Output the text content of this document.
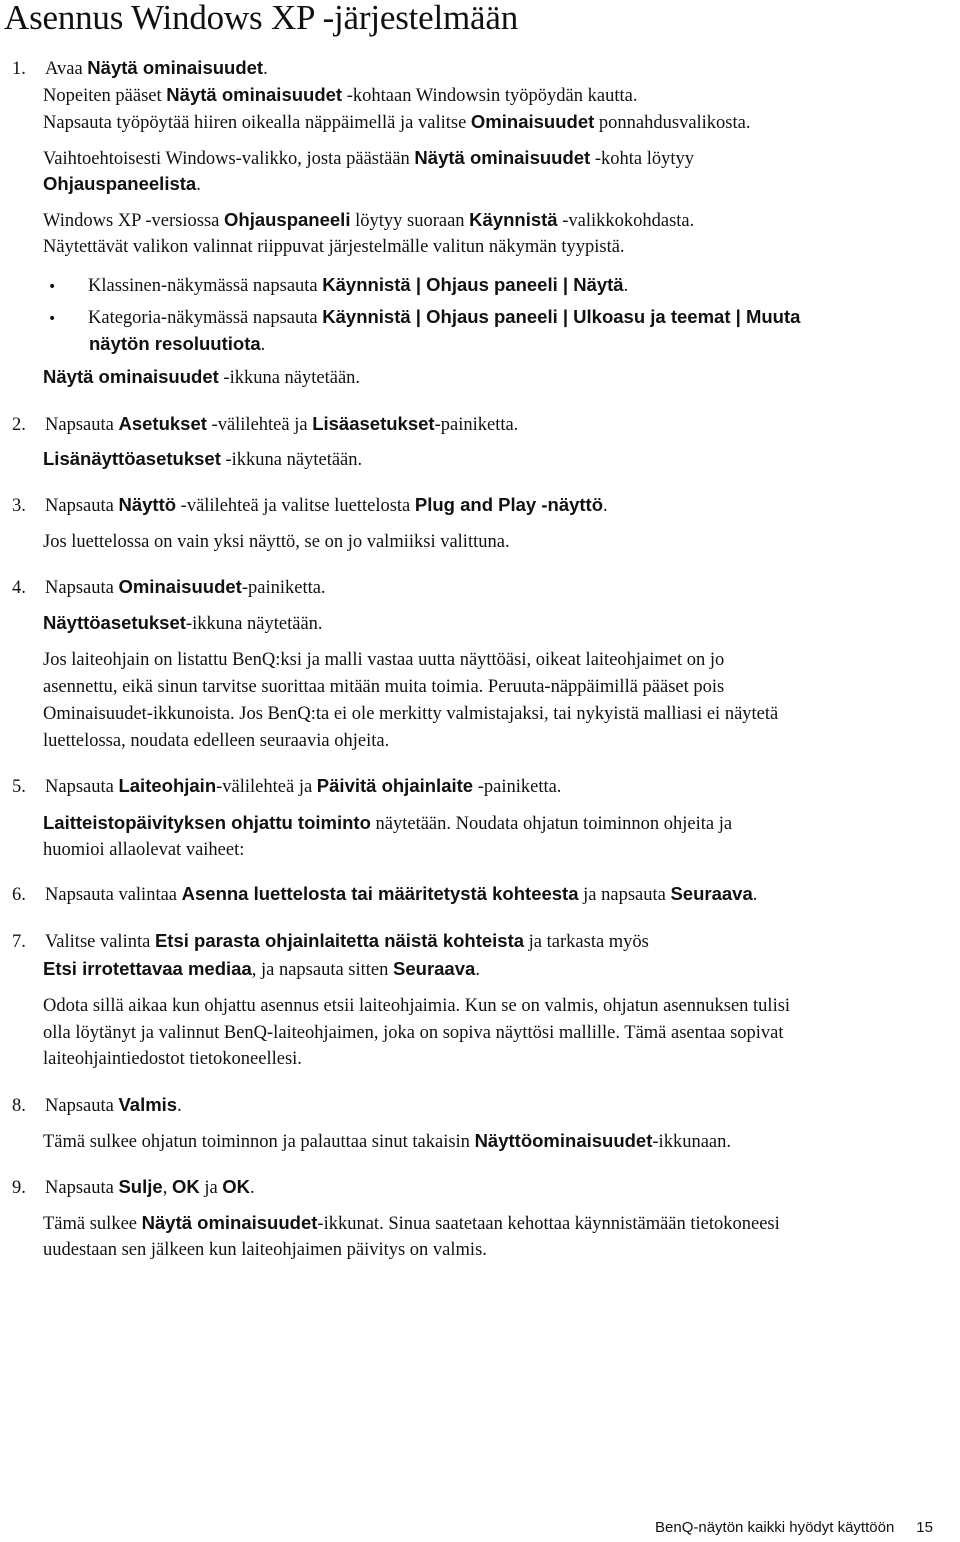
Asennus Windows XP -järjestelmään
1. Avaa Näytä ominaisuudet.
Nopeiten pääset Näytä ominaisuudet -kohtaan Windowsin työpöydän kautta.
Napsauta työpöytää hiiren oikealla näppäimellä ja valitse Ominaisuudet ponnahdusvalikosta.
Vaihtoehtoisesti Windows-valikko, josta päästään Näytä ominaisuudet -kohta löytyy
Ohjauspaneelista.
Windows XP -versiossa Ohjauspaneeli löytyy suoraan Käynnistä -valikkokohdasta.
Näytettävät valikon valinnat riippuvat järjestelmälle valitun näkymän tyypistä.
• Klassinen-näkymässä napsauta Käynnistä | Ohjaus paneeli | Näytä.
• Kategoria-näkymässä napsauta Käynnistä | Ohjaus paneeli | Ulkoasu ja teemat | Muuta
näytön resoluutiota.
Näytä ominaisuudet -ikkuna näytetään.
2. Napsauta Asetukset -välilehteä ja Lisäasetukset-painiketta.
Lisänäyttöasetukset -ikkuna näytetään.
3. Napsauta Näyttö -välilehteä ja valitse luettelosta Plug and Play -näyttö.
Jos luettelossa on vain yksi näyttö, se on jo valmiiksi valittuna.
4. Napsauta Ominaisuudet-painiketta.
Näyttöasetukset-ikkuna näytetään.
Jos laiteohjain on listattu BenQ:ksi ja malli vastaa uutta näyttöäsi, oikeat laiteohjaimet on jo
asennettu, eikä sinun tarvitse suorittaa mitään muita toimia. Peruuta-näppäimillä pääset pois
Ominaisuudet-ikkunoista. Jos BenQ:ta ei ole merkitty valmistajaksi, tai nykyistä malliasi ei näytetä
luettelossa, noudata edelleen seuraavia ohjeita.
5. Napsauta Laiteohjain-välilehteä ja Päivitä ohjainlaite -painiketta.
Laitteistopäivityksen ohjattu toiminto näytetään. Noudata ohjatun toiminnon ohjeita ja
huomioi allaolevat vaiheet:
6. Napsauta valintaa Asenna luettelosta tai määritetystä kohteesta ja napsauta Seuraava.
7. Valitse valinta Etsi parasta ohjainlaitetta näistä kohteista ja tarkasta myös
Etsi irrotettavaa mediaa, ja napsauta sitten Seuraava.
Odota sillä aikaa kun ohjattu asennus etsii laiteohjaimia. Kun se on valmis, ohjatun asennuksen tulisi
olla löytänyt ja valinnut BenQ-laiteohjaimen, joka on sopiva näyttösi mallille. Tämä asentaa sopivat
laiteohjaintiedostot tietokoneellesi.
8. Napsauta Valmis.
Tämä sulkee ohjatun toiminnon ja palauttaa sinut takaisin Näyttöominaisuudet-ikkunaan.
9. Napsauta Sulje, OK ja OK.
Tämä sulkee Näytä ominaisuudet-ikkunat. Sinua saatetaan kehottaa käynnistämään tietokoneesi
uudestaan sen jälkeen kun laiteohjaimen päivitys on valmis.
BenQ-näytön kaikki hyödyt käyttöön 15
